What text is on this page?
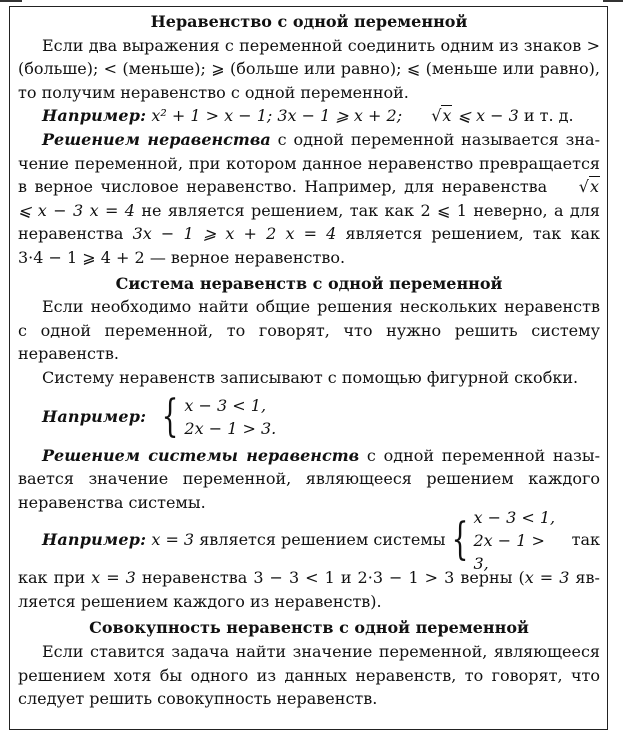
Неравенство с одной переменной

Если два выражения с переменной соединить одним из знаков > (больше); < (меньше); ⩾ (больше или равно); ⩽ (меньше или равно), то получим неравенство с одной переменной.

Например: x² + 1 > x − 1; 3x − 1 ⩾ x + 2; √x ⩽ x − 3 и т. д.

Решением неравенства с одной переменной называется значение переменной, при котором данное неравенство превращается в верное числовое неравенство. Например, для неравенства √x ⩽ x − 3 x = 4 не является решением, так как 2 ⩽ 1 неверно, а для неравенства 3x − 1 ⩾ x + 2 x = 4 является решением, так как 3·4 − 1 ⩾ 4 + 2 — верное неравенство.

Система неравенств с одной переменной

Если необходимо найти общие решения нескольких неравенств с одной переменной, то говорят, что нужно решить систему неравенств.

Систему неравенств записывают с помощью фигурной скобки.

Например:
{ x − 3 < 1,
2x − 1 > 3.

Решением системы неравенств с одной переменной называется значение переменной, являющееся решением каждого неравенства системы.

Например: x = 3 является решением системы { x − 3 < 1,
2x − 1 > 3,

так

как при x = 3 неравенства 3 − 3 < 1 и 2·3 − 1 > 3 верны (x = 3 является решением каждого из неравенств).

Совокупность неравенств с одной переменной

Если ставится задача найти значение переменной, являющееся решением хотя бы одного из данных неравенств, то говорят, что следует решить совокупность неравенств.
